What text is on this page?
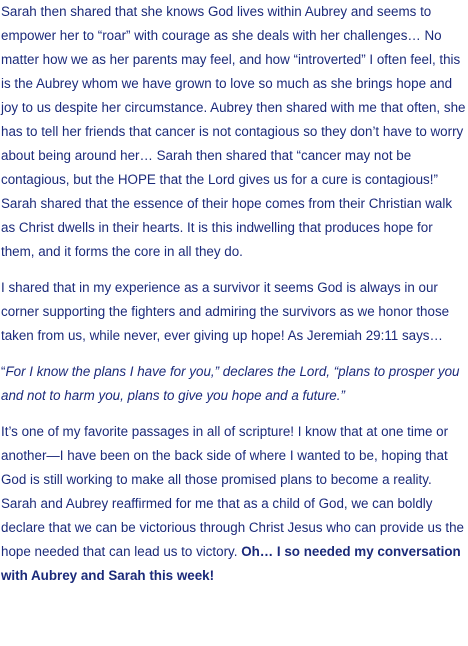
Sarah then shared that she knows God lives within Aubrey and seems to empower her to “roar” with courage as she deals with her challenges… No matter how we as her parents may feel, and how “introverted” I often feel, this is the Aubrey whom we have grown to love so much as she brings hope and joy to us despite her circumstance. Aubrey then shared with me that often, she has to tell her friends that cancer is not contagious so they don’t have to worry about being around her… Sarah then shared that “cancer may not be contagious, but the HOPE that the Lord gives us for a cure is contagious!” Sarah shared that the essence of their hope comes from their Christian walk as Christ dwells in their hearts. It is this indwelling that produces hope for them, and it forms the core in all they do.

I shared that in my experience as a survivor it seems God is always in our corner supporting the fighters and admiring the survivors as we honor those taken from us, while never, ever giving up hope! As Jeremiah 29:11 says…

“For I know the plans I have for you,” declares the Lord, “plans to prosper you and not to harm you, plans to give you hope and a future.”

It’s one of my favorite passages in all of scripture! I know that at one time or another—I have been on the back side of where I wanted to be, hoping that God is still working to make all those promised plans to become a reality. Sarah and Aubrey reaffirmed for me that as a child of God, we can boldly declare that we can be victorious through Christ Jesus who can provide us the hope needed that can lead us to victory. Oh… I so needed my conversation with Aubrey and Sarah this week!
